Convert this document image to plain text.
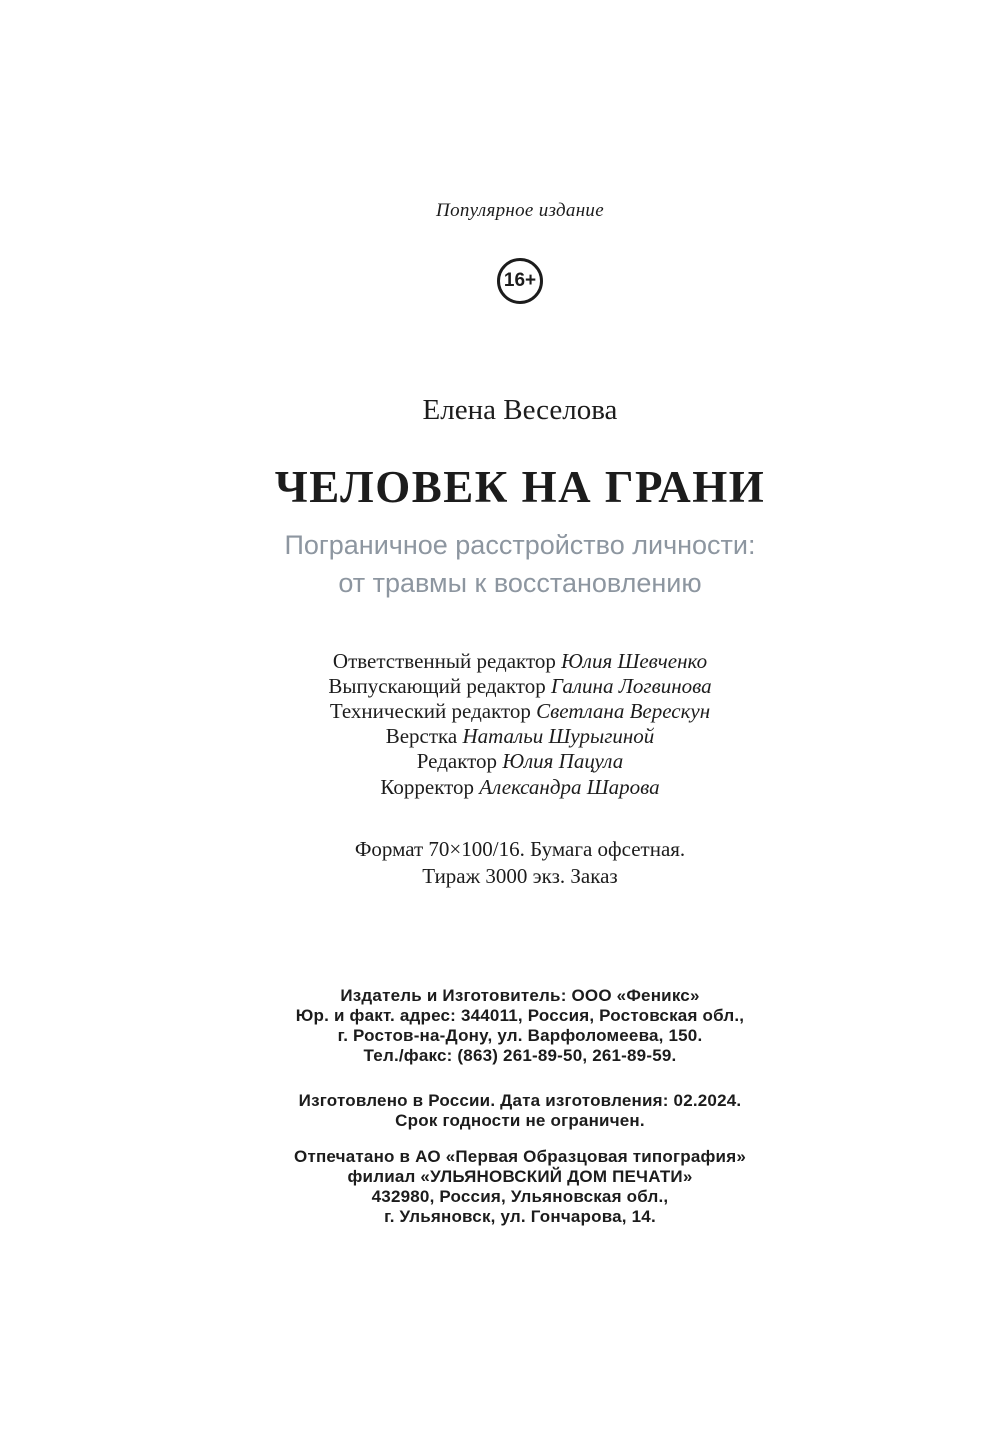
Популярное издание
16+
Елена Веселова
ЧЕЛОВЕК НА ГРАНИ
Пограничное расстройство личности:
от травмы к восстановлению
Ответственный редактор Юлия Шевченко
Выпускающий редактор Галина Логвинова
Технический редактор Светлана Верескун
Верстка Натальи Шурыгиной
Редактор Юлия Пацула
Корректор Александра Шарова
Формат 70×100/16. Бумага офсетная.
Тираж 3000 экз. Заказ
Издатель и Изготовитель: ООО «Феникс»
Юр. и факт. адрес: 344011, Россия, Ростовская обл.,
г. Ростов-на-Дону, ул. Варфоломеева, 150.
Тел./факс: (863) 261-89-50, 261-89-59.
Изготовлено в России. Дата изготовления: 02.2024.
Срок годности не ограничен.
Отпечатано в АО «Первая Образцовая типография»
филиал «УЛЬЯНОВСКИЙ ДОМ ПЕЧАТИ»
432980, Россия, Ульяновская обл.,
г. Ульяновск, ул. Гончарова, 14.
